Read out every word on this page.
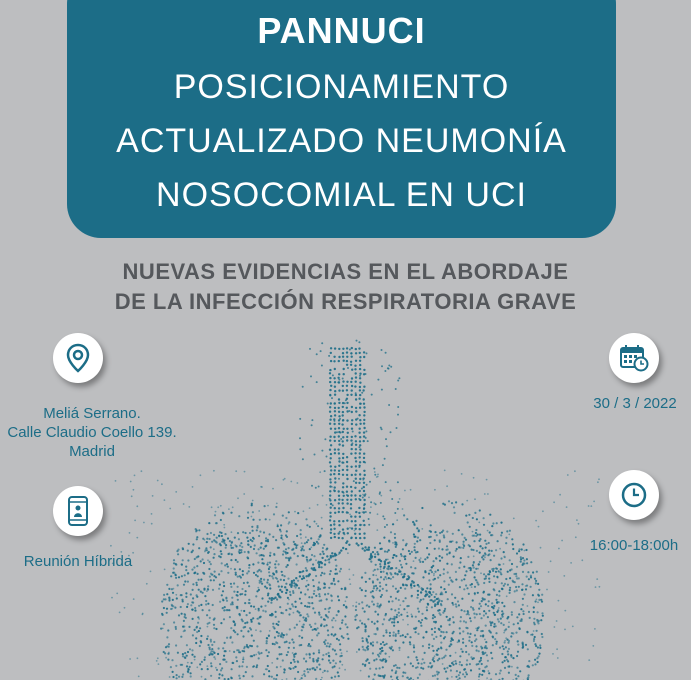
PANNUCI
POSICIONAMIENTO
ACTUALIZADO NEUMONÍA
NOSOCOMIAL EN UCI
NUEVAS EVIDENCIAS EN EL ABORDAJE
DE LA INFECCIÓN RESPIRATORIA GRAVE
Meliá Serrano.
Calle Claudio Coello 139.
Madrid
Reunión Híbrida
30 / 3 / 2022
16:00-18:00h
